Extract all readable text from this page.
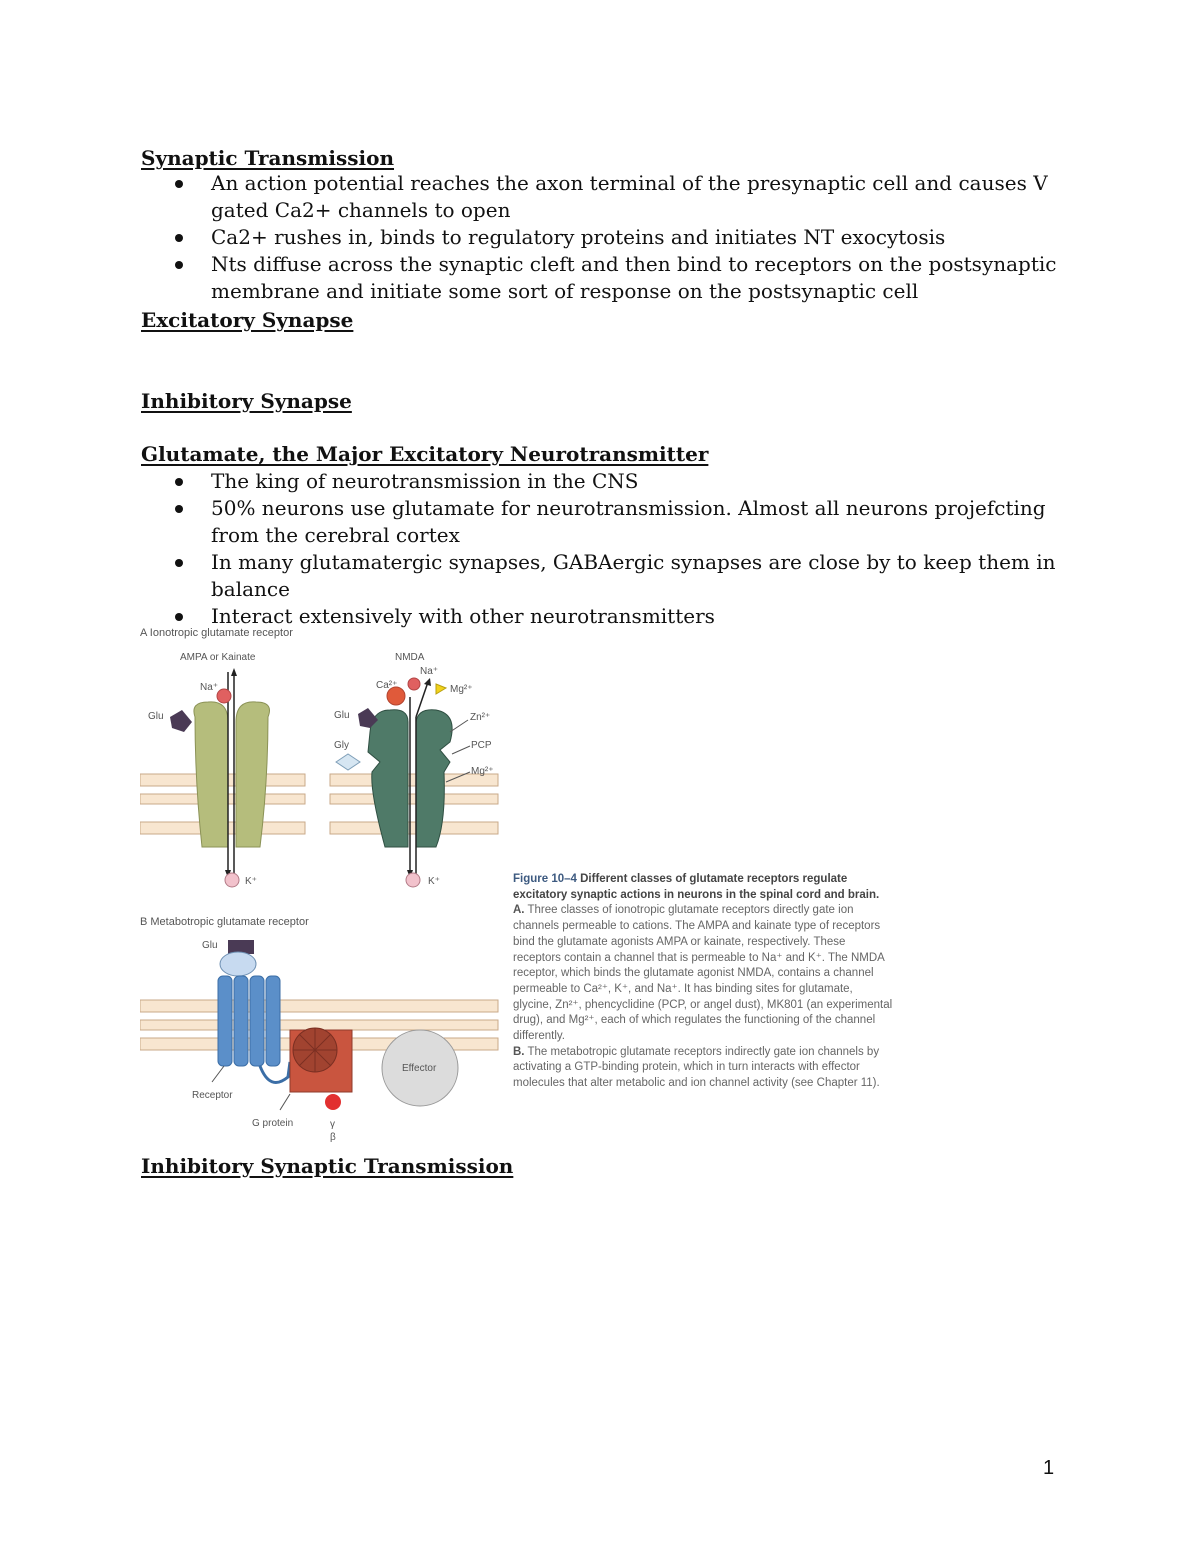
Synaptic Transmission
An action potential reaches the axon terminal of the presynaptic cell and causes V gated Ca2+ channels to open
Ca2+ rushes in, binds to regulatory proteins and initiates NT exocytosis
Nts diffuse across the synaptic cleft and then bind to receptors on the postsynaptic membrane and initiate some sort of response on the postsynaptic cell
Excitatory Synapse
Inhibitory Synapse
Glutamate, the Major Excitatory Neurotransmitter
The king of neurotransmission in the CNS
50% neurons use glutamate for neurotransmission. Almost all neurons projefcting from the cerebral cortex
In many glutamatergic synapses, GABAergic synapses are close by to keep them in balance
Interact extensively with other neurotransmitters
A Ionotropic glutamate receptor
AMPA or Kainate	NMDA
Na⁺
Glu
K⁺
Ca²⁺
Na⁺
Mg²⁺
Glu
Gly
Zn²⁺
PCP
Mg²⁺
K⁺
B Metabotropic glutamate receptor
Glu
γ
β
Effector
Receptor
G protein

Figure 10–4 Different classes of glutamate receptors regulate excitatory synaptic actions in neurons in the spinal cord and brain.

A. Three classes of ionotropic glutamate receptors directly gate ion channels permeable to cations. The AMPA and kainate type of receptors bind the glutamate agonists AMPA or kainate, respectively. These receptors contain a channel that is permeable to Na⁺ and K⁺. The NMDA receptor, which binds the glutamate agonist NMDA, contains a channel permeable to Ca²⁺, K⁺, and Na⁺. It has binding sites for glutamate, glycine, Zn²⁺, phencyclidine (PCP, or angel dust), MK801 (an experimental drug), and Mg²⁺, each of which regulates the functioning of the channel differently.

B. The metabotropic glutamate receptors indirectly gate ion channels by activating a GTP-binding protein, which in turn interacts with effector molecules that alter metabolic and ion channel activity (see Chapter 11).

Inhibitory Synaptic Transmission
1
